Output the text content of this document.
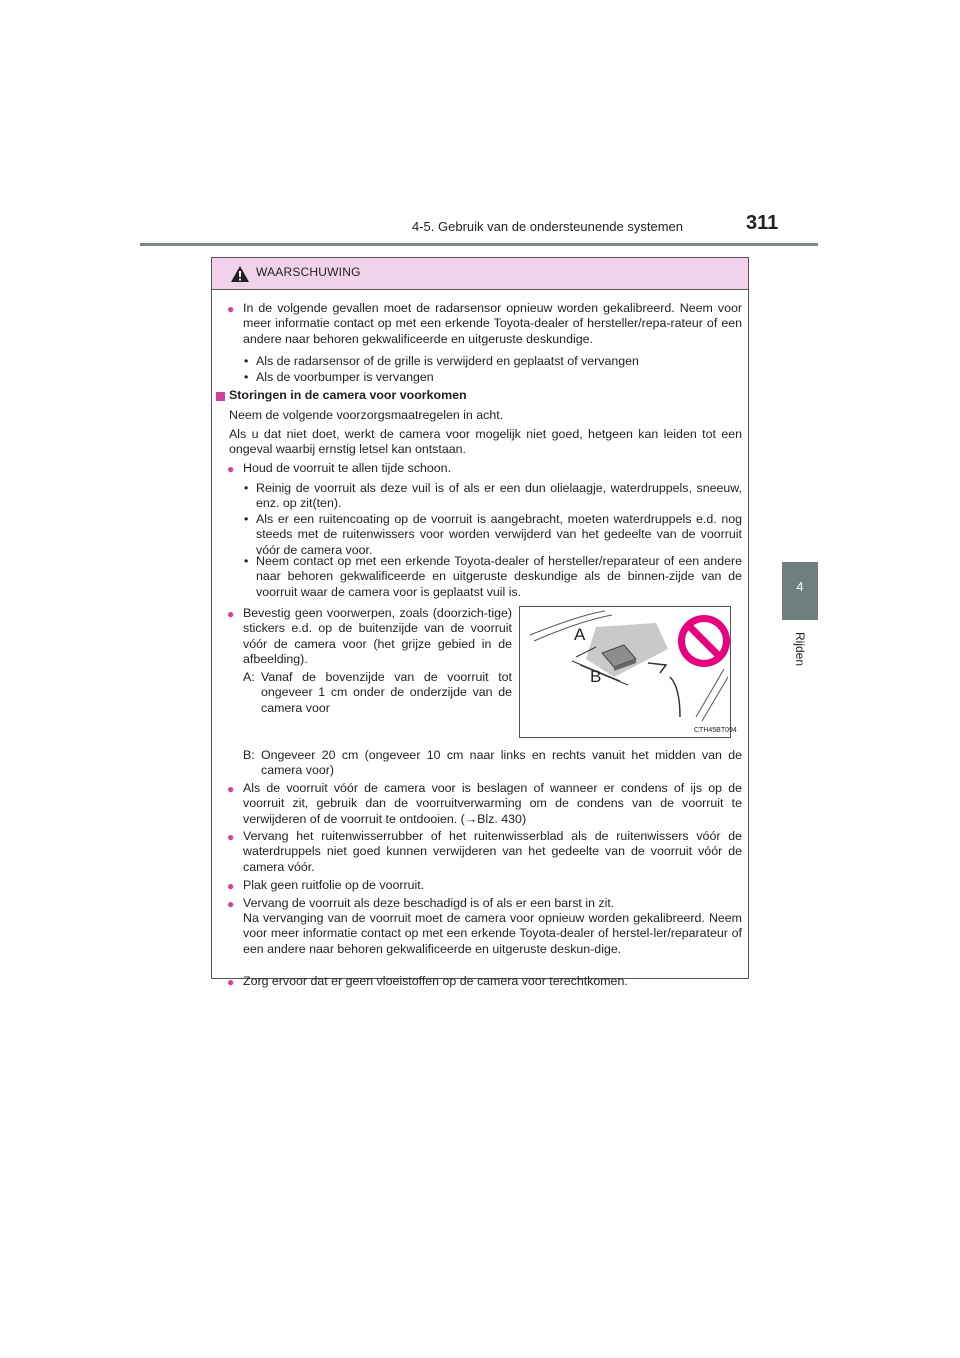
4-5. Gebruik van de ondersteunende systemen	311
4
Rijden
WAARSCHUWING
● In de volgende gevallen moet de radarsensor opnieuw worden gekalibreerd. Neem voor meer informatie contact op met een erkende Toyota-dealer of hersteller/repa-rateur of een andere naar behoren gekwalificeerde en uitgeruste deskundige.
• Als de radarsensor of de grille is verwijderd en geplaatst of vervangen
• Als de voorbumper is vervangen
Storingen in de camera voor voorkomen
Neem de volgende voorzorgsmaatregelen in acht.
Als u dat niet doet, werkt de camera voor mogelijk niet goed, hetgeen kan leiden tot een ongeval waarbij ernstig letsel kan ontstaan.
● Houd de voorruit te allen tijde schoon.
• Reinig de voorruit als deze vuil is of als er een dun olielaagje, waterdruppels, sneeuw, enz. op zit(ten).
• Als er een ruitencoating op de voorruit is aangebracht, moeten waterdruppels e.d. nog steeds met de ruitenwissers voor worden verwijderd van het gedeelte van de voorruit vóór de camera voor.
• Neem contact op met een erkende Toyota-dealer of hersteller/reparateur of een andere naar behoren gekwalificeerde en uitgeruste deskundige als de binnen-zijde van de voorruit waar de camera voor is geplaatst vuil is.
● Bevestig geen voorwerpen, zoals (doorzich-tige) stickers e.d. op de buitenzijde van de voorruit vóór de camera voor (het grijze gebied in de afbeelding).
A: Vanaf de bovenzijde van de voorruit tot ongeveer 1 cm onder de onderzijde van de camera voor
A
B
CTH45BT094
B: Ongeveer 20 cm (ongeveer 10 cm naar links en rechts vanuit het midden van de camera voor)
● Als de voorruit vóór de camera voor is beslagen of wanneer er condens of ijs op de voorruit zit, gebruik dan de voorruitverwarming om de condens van de voorruit te verwijderen of de voorruit te ontdooien. (→Blz. 430)
● Vervang het ruitenwisserrubber of het ruitenwisserblad als de ruitenwissers vóór de waterdruppels niet goed kunnen verwijderen van het gedeelte van de voorruit vóór de camera vóór.
● Plak geen ruitfolie op de voorruit.
● Vervang de voorruit als deze beschadigd is of als er een barst in zit.
Na vervanging van de voorruit moet de camera voor opnieuw worden gekalibreerd. Neem voor meer informatie contact op met een erkende Toyota-dealer of herstel-ler/reparateur of een andere naar behoren gekwalificeerde en uitgeruste deskun-dige.
● Zorg ervoor dat er geen vloeistoffen op de camera voor terechtkomen.
